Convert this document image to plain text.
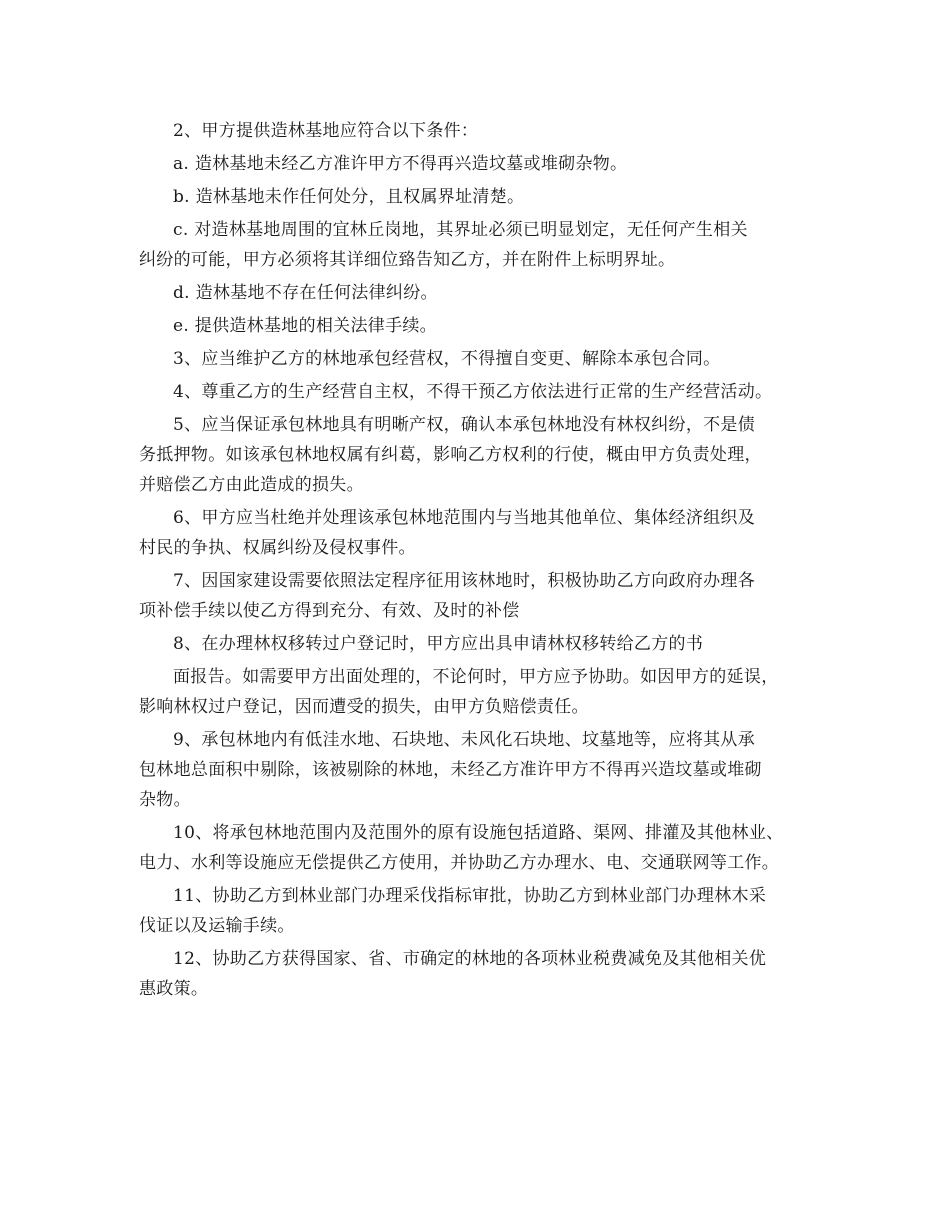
2、甲方提供造林基地应符合以下条件：
a. 造林基地未经乙方准许甲方不得再兴造坟墓或堆砌杂物。
b. 造林基地未作任何处分，且权属界址清楚。
c. 对造林基地周围的宜林丘岗地，其界址必须已明显划定，无任何产生相关
纠纷的可能，甲方必须将其详细位臵告知乙方，并在附件上标明界址。
d. 造林基地不存在任何法律纠纷。
e. 提供造林基地的相关法律手续。
3、应当维护乙方的林地承包经营权，不得擅自变更、解除本承包合同。
4、尊重乙方的生产经营自主权，不得干预乙方依法进行正常的生产经营活动。
5、应当保证承包林地具有明晰产权，确认本承包林地没有林权纠纷，不是债
务抵押物。如该承包林地权属有纠葛，影响乙方权利的行使，概由甲方负责处理，
并赔偿乙方由此造成的损失。
6、甲方应当杜绝并处理该承包林地范围内与当地其他单位、集体经济组织及
村民的争执、权属纠纷及侵权事件。
7、因国家建设需要依照法定程序征用该林地时，积极协助乙方向政府办理各
项补偿手续以使乙方得到充分、有效、及时的补偿
8、在办理林权移转过户登记时，甲方应出具申请林权移转给乙方的书
面报告。如需要甲方出面处理的，不论何时，甲方应予协助。如因甲方的延误，
影响林权过户登记，因而遭受的损失，由甲方负赔偿责任。
9、承包林地内有低洼水地、石块地、未风化石块地、坟墓地等，应将其从承
包林地总面积中剔除，该被剔除的林地，未经乙方准许甲方不得再兴造坟墓或堆砌
杂物。
10、将承包林地范围内及范围外的原有设施包括道路、渠网、排灌及其他林业、
电力、水利等设施应无偿提供乙方使用，并协助乙方办理水、电、交通联网等工作。
11、协助乙方到林业部门办理采伐指标审批，协助乙方到林业部门办理林木采
伐证以及运输手续。
12、协助乙方获得国家、省、市确定的林地的各项林业税费减免及其他相关优
惠政策。
